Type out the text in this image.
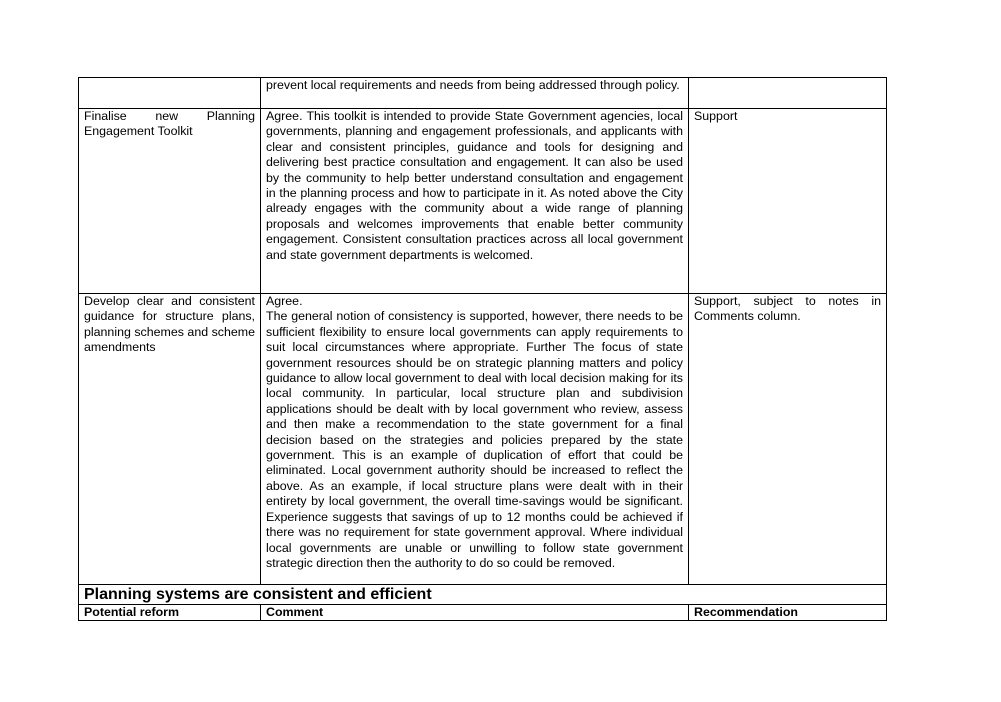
	prevent local requirements and needs from being addressed through policy.	

Finalise new Planning Engagement Toolkit	Agree. This toolkit is intended to provide State Government agencies, local governments, planning and engagement professionals, and applicants with clear and consistent principles, guidance and tools for designing and delivering best practice consultation and engagement. It can also be used by the community to help better understand consultation and engagement in the planning process and how to participate in it. As noted above the City already engages with the community about a wide range of planning proposals and welcomes improvements that enable better community engagement. Consistent consultation practices across all local government and state government departments is welcomed.	Support

Develop clear and consistent guidance for structure plans, planning schemes and scheme amendments	Agree.
The general notion of consistency is supported, however, there needs to be sufficient flexibility to ensure local governments can apply requirements to suit local circumstances where appropriate. Further The focus of state government resources should be on strategic planning matters and policy guidance to allow local government to deal with local decision making for its local community. In particular, local structure plan and subdivision applications should be dealt with by local government who review, assess and then make a recommendation to the state government for a final decision based on the strategies and policies prepared by the state government. This is an example of duplication of effort that could be eliminated. Local government authority should be increased to reflect the above. As an example, if local structure plans were dealt with in their entirety by local government, the overall time-savings would be significant. Experience suggests that savings of up to 12 months could be achieved if there was no requirement for state government approval. Where individual local governments are unable or unwilling to follow state government strategic direction then the authority to do so could be removed.	Support, subject to notes in Comments column.

Planning systems are consistent and efficient		
Potential reform	Comment	Recommendation
